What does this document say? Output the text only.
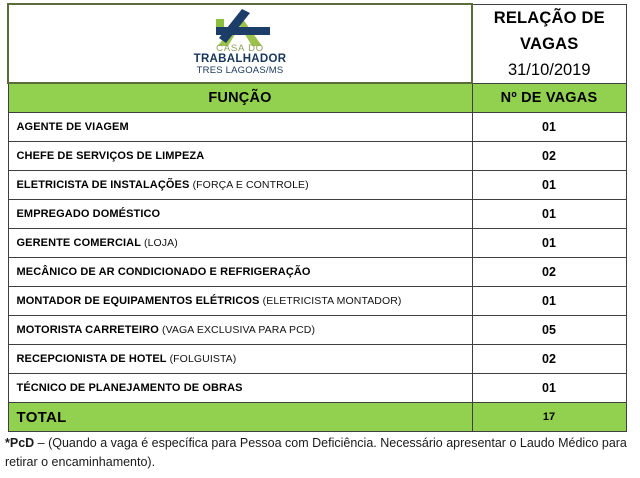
CASA DO
TRABALHADOR
TRES LAGOAS/MS

RELAÇÃO DE VAGAS
31/10/2019

FUNÇÃO	Nº DE VAGAS
AGENTE DE VIAGEM	01
CHEFE DE SERVIÇOS DE LIMPEZA	02
ELETRICISTA DE INSTALAÇÕES (FORÇA E CONTROLE)	01
EMPREGADO DOMÉSTICO	01
GERENTE COMERCIAL (LOJA)	01
MECÂNICO DE AR CONDICIONADO E REFRIGERAÇÃO	02
MONTADOR DE EQUIPAMENTOS ELÉTRICOS (ELETRICISTA MONTADOR)	01
MOTORISTA CARRETEIRO (VAGA EXCLUSIVA PARA PCD)	05
RECEPCIONISTA DE HOTEL (FOLGUISTA)	02
TÉCNICO DE PLANEJAMENTO DE OBRAS	01
TOTAL	17
*PcD – (Quando a vaga é específica para Pessoa com Deficiência. Necessário apresentar o Laudo Médico para retirar o encaminhamento).
